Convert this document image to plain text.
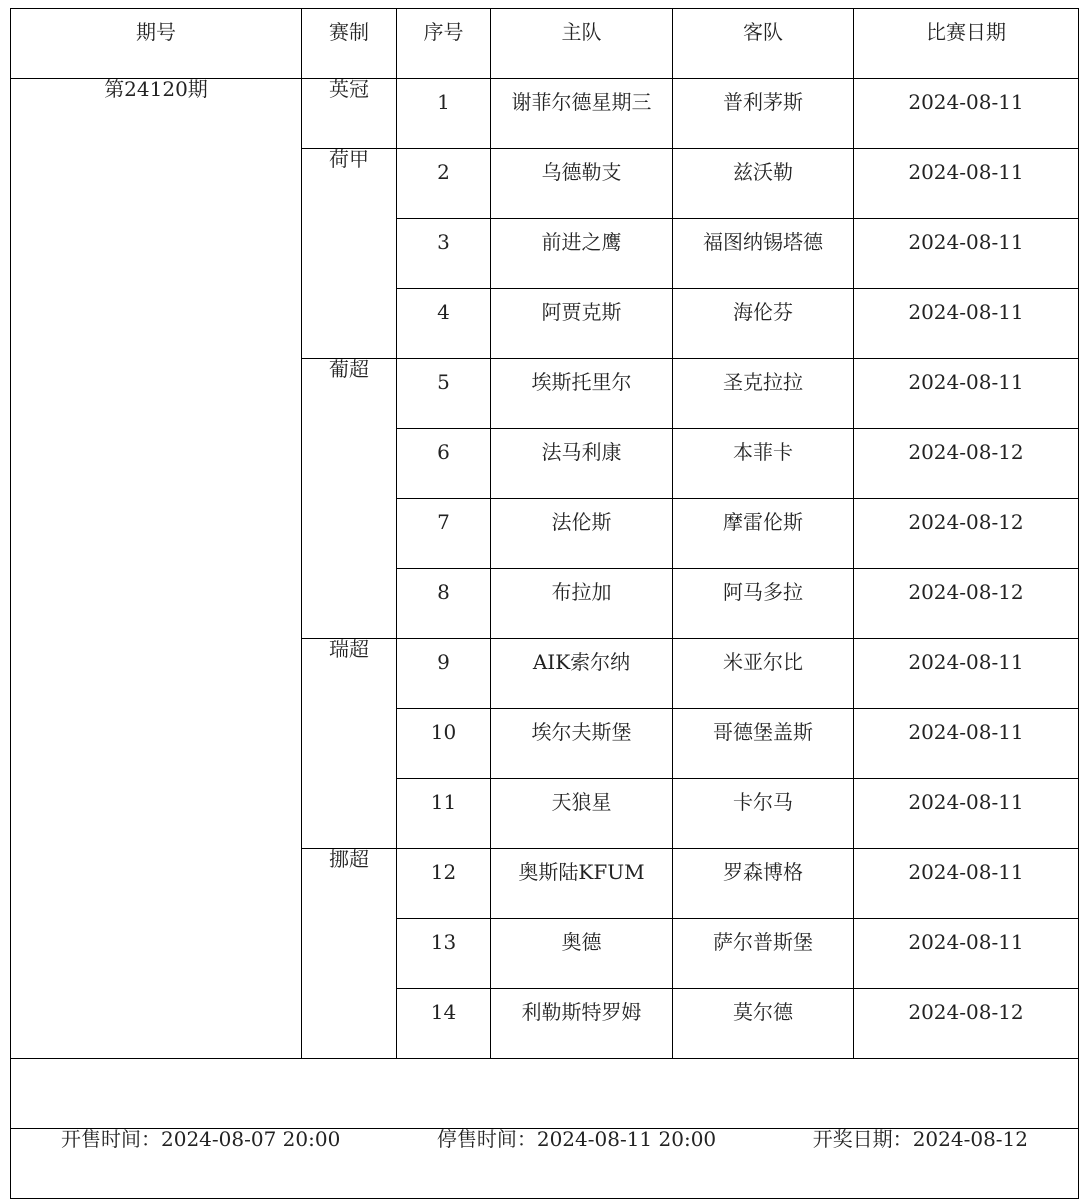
期号	赛制	序号	主队	客队	比赛日期

第24120期	英冠	1	谢菲尔德星期三	普利茅斯	2024-08-11

	荷甲	2	乌德勒支	兹沃勒	2024-08-11

		3	前进之鹰	福图纳锡塔德	2024-08-11

		4	阿贾克斯	海伦芬	2024-08-11

	葡超	5	埃斯托里尔	圣克拉拉	2024-08-11

		6	法马利康	本菲卡	2024-08-12

		7	法伦斯	摩雷伦斯	2024-08-12

		8	布拉加	阿马多拉	2024-08-12

	瑞超	9	AIK索尔纳	米亚尔比	2024-08-11

		10	埃尔夫斯堡	哥德堡盖斯	2024-08-11

		11	天狼星	卡尔马	2024-08-11

	挪超	12	奥斯陆KFUM	罗森博格	2024-08-11

		13	奥德	萨尔普斯堡	2024-08-11

		14	利勒斯特罗姆	莫尔德	2024-08-12

开售时间：2024-08-07 20:00 停售时间：2024-08-11 20:00 开奖日期：2024-08-12					
